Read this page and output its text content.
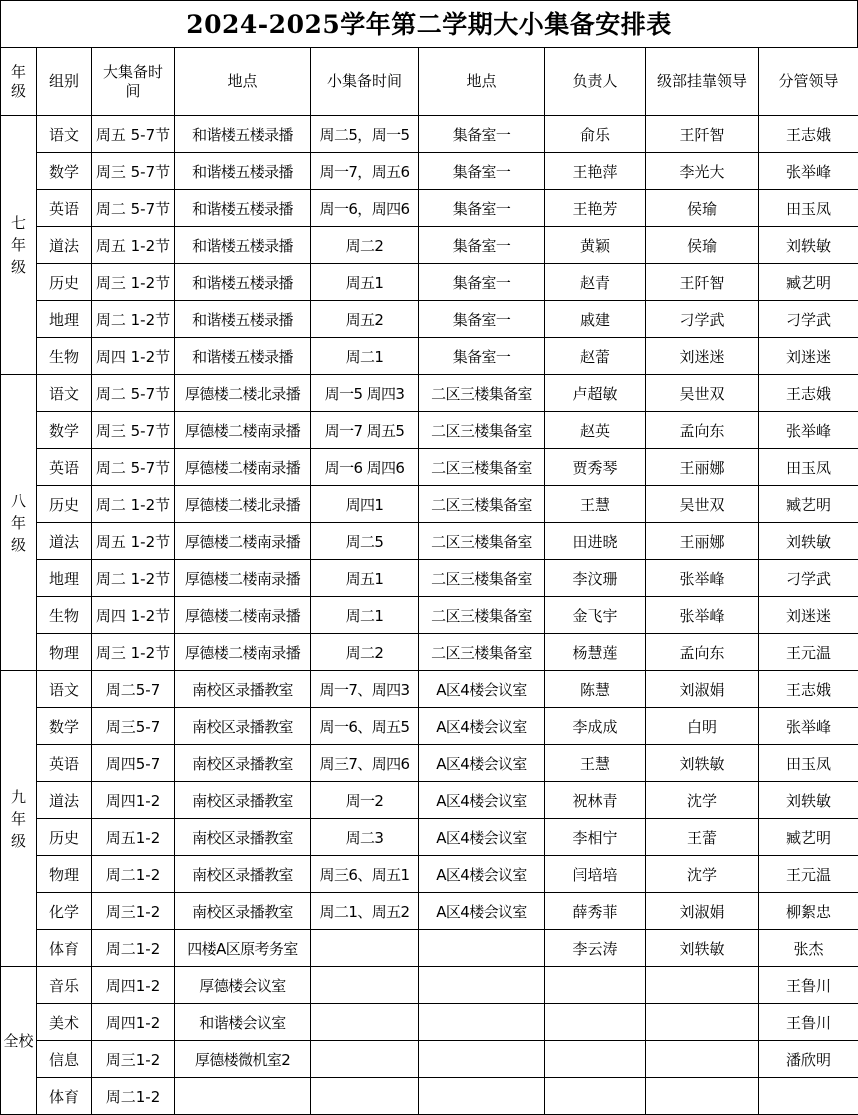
2024-2025学年第二学期大小集备安排表
年级	组别	大集备时间	地点	小集备时间	地点	负责人	级部挂靠领导	分管领导
七年级	语文	周五 5-7节	和谐楼五楼录播	周二5，周一5	集备室一	俞乐	王阡智	王志娥
	数学	周三 5-7节	和谐楼五楼录播	周一7，周五6	集备室一	王艳萍	李光大	张举峰
	英语	周二 5-7节	和谐楼五楼录播	周一6，周四6	集备室一	王艳芳	侯瑜	田玉凤
	道法	周五 1-2节	和谐楼五楼录播	周二2	集备室一	黄颖	侯瑜	刘轶敏
	历史	周三 1-2节	和谐楼五楼录播	周五1	集备室一	赵青	王阡智	臧艺明
	地理	周二 1-2节	和谐楼五楼录播	周五2	集备室一	戚建	刁学武	刁学武
	生物	周四 1-2节	和谐楼五楼录播	周二1	集备室一	赵蕾	刘迷迷	刘迷迷
八年级	语文	周二 5-7节	厚德楼二楼北录播	周一5 周四3	二区三楼集备室	卢超敏	吴世双	王志娥
	数学	周三 5-7节	厚德楼二楼南录播	周一7 周五5	二区三楼集备室	赵英	孟向东	张举峰
	英语	周二 5-7节	厚德楼二楼南录播	周一6 周四6	二区三楼集备室	贾秀琴	王丽娜	田玉凤
	历史	周二 1-2节	厚德楼二楼北录播	周四1	二区三楼集备室	王慧	吴世双	臧艺明
	道法	周五 1-2节	厚德楼二楼南录播	周二5	二区三楼集备室	田进晓	王丽娜	刘轶敏
	地理	周二 1-2节	厚德楼二楼南录播	周五1	二区三楼集备室	李汶珊	张举峰	刁学武
	生物	周四 1-2节	厚德楼二楼南录播	周二1	二区三楼集备室	金飞宇	张举峰	刘迷迷
	物理	周三 1-2节	厚德楼二楼南录播	周二2	二区三楼集备室	杨慧莲	孟向东	王元温
九年级	语文	周二5-7	南校区录播教室	周一7、周四3	A区4楼会议室	陈慧	刘淑娟	王志娥
	数学	周三5-7	南校区录播教室	周一6、周五5	A区4楼会议室	李成成	白明	张举峰
	英语	周四5-7	南校区录播教室	周三7、周四6	A区4楼会议室	王慧	刘轶敏	田玉凤
	道法	周四1-2	南校区录播教室	周一2	A区4楼会议室	祝林青	沈学	刘轶敏
	历史	周五1-2	南校区录播教室	周二3	A区4楼会议室	李相宁	王蕾	臧艺明
	物理	周二1-2	南校区录播教室	周三6、周五1	A区4楼会议室	闫培培	沈学	王元温
	化学	周三1-2	南校区录播教室	周二1、周五2	A区4楼会议室	薛秀菲	刘淑娟	柳絮忠
	体育	周二1-2	四楼A区原考务室			李云涛	刘轶敏	张杰
全校	音乐	周四1-2	厚德楼会议室					王鲁川
	美术	周四1-2	和谐楼会议室					王鲁川
	信息	周三1-2	厚德楼微机室2					潘欣明
	体育	周二1-2						
